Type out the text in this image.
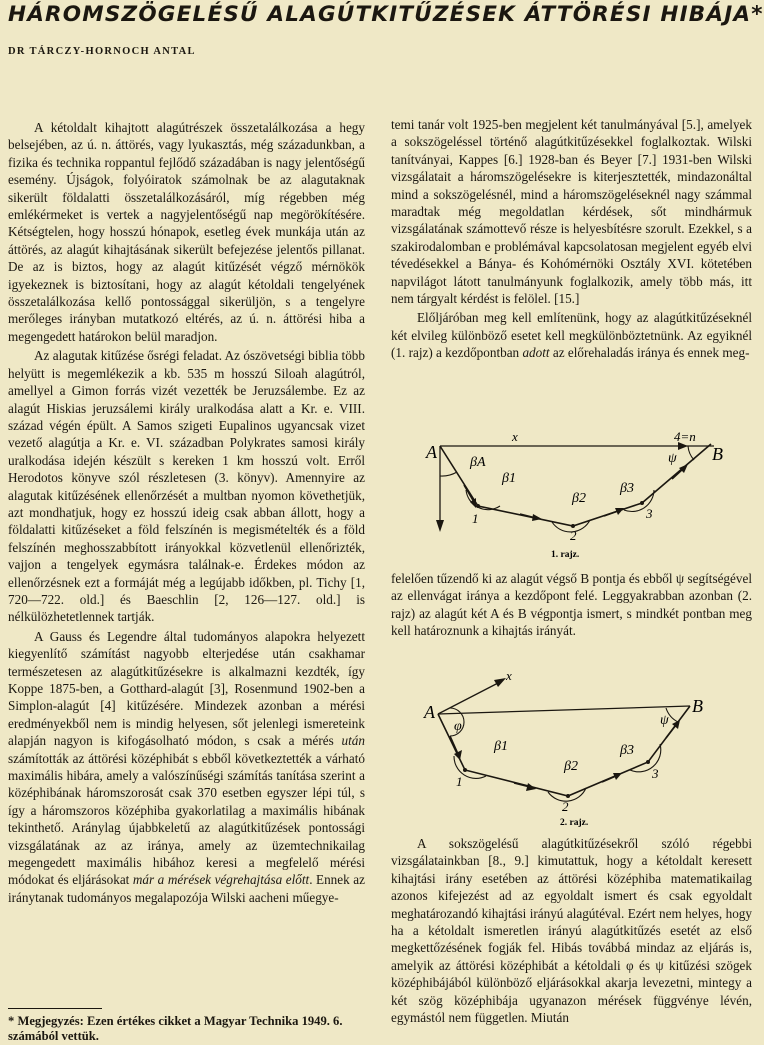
HÁROMSZÖGELÉSŰ ALAGÚTKITŰZÉSEK ÁTTÖRÉSI HIBÁJA*
DR TÁRCZY-HORNOCH ANTAL

A kétoldalt kihajtott alagútrészek összetalálkozása a hegy belsejében, az ú. n. áttörés, vagy lyukasztás, még századunkban, a fizika és technika roppantul fejlődő századában is nagy jelentőségű esemény. Újságok, folyóiratok számolnak be az alagutaknak sikerült földalatti összetalálkozásáról, míg régebben még emlékérmeket is vertek a nagyjelentőségű nap megörökítésére. Kétségtelen, hogy hosszú hónapok, esetleg évek munkája után az áttörés, az alagút kihajtásának sikerült befejezése jelentős pillanat. De az is biztos, hogy az alagút kitűzését végző mérnökök igyekeznek is biztosítani, hogy az alagút kétoldali tengelyének összetalálkozása kellő pontossággal sikerüljön, s a tengelyre merőleges irányban mutatkozó eltérés, az ú. n. áttörési hiba a megengedett határokon belül maradjon.

Az alagutak kitűzése ősrégi feladat. Az ószövetségi biblia több helyütt is megemlékezik a kb. 535 m hosszú Siloah alagútról, amellyel a Gimon forrás vizét vezették be Jeruzsálembe. Ez az alagút Hiskias jeruzsálemi király uralkodása alatt a Kr. e. VIII. század végén épült. A Samos szigeti Eupalinos ugyancsak vizet vezető alagútja a Kr. e. VI. században Polykrates samosi király uralkodása idején készült s kereken 1 km hosszú volt. Erről Herodotos könyve szól részletesen (3. könyv). Amennyire az alagutak kitűzésének ellenőrzését a multban nyomon követhetjük, azt mondhatjuk, hogy ez hosszú ideig csak abban állott, hogy a földalatti kitűzéseket a föld felszínén is megismételték és a föld felszínén meghosszabbított irányokkal közvetlenül ellenőrizték, vajjon a tengelyek egymásra találnak-e. Érdekes módon az ellenőrzésnek ezt a formáját még a legújabb időkben, pl. Tichy [1, 720—722. old.] és Baeschlin [2, 126—127. old.] is nélkülözhetetlennek tartják.

A Gauss és Legendre által tudományos alapokra helyezett kiegyenlítő számítást nagyobb elterjedése után csakhamar természetesen az alagútkitűzésekre is alkalmazni kezdték, így Koppe 1875-ben, a Gotthard-alagút [3], Rosenmund 1902-ben a Simplon-alagút [4] kitűzésére. Mindezek azonban a mérési eredményekből nem is mindig helyesen, sőt jelenlegi ismereteink alapján nagyon is kifogásolható módon, s csak a mérés után számították az áttörési középhibát s ebből következtették a várható maximális hibára, amely a valószínűségi számítás tanítása szerint a középhibának háromszorosát csak 370 esetben egyszer lépi túl, s így a háromszoros középhiba gyakorlatilag a maximális hibának tekinthető. Aránylag újabbkeletű az alagútkitűzések pontossági vizsgálatának az az iránya, amely az üzemtechnikailag megengedett maximális hibához keresi a megfelelő mérési módokat és eljárásokat már a mérések végrehajtása előtt. Ennek az iránytanak tudományos megalapozója Wilski aacheni műegye-

temi tanár volt 1925-ben megjelent két tanulmányával [5.], amelyek a sokszögeléssel történő alagútkitűzésekkel foglalkoztak. Wilski tanítványai, Kappes [6.] 1928-ban és Beyer [7.] 1931-ben Wilski vizsgálatait a háromszögelésekre is kiterjesztették, mindazonáltal mind a sokszögelésnél, mind a háromszögeléseknél nagy számmal maradtak még megoldatlan kérdések, sőt mindhármuk vizsgálatának számottevő része is helyesbítésre szorult. Ezekkel, s a szakirodalomban e problémával kapcsolatosan megjelent egyéb elvi tévedésekkel a Bánya- és Kohómérnöki Osztály XVI. kötetében napvilágot látott tanulmányunk foglalkozik, amely több más, itt nem tárgyalt kérdést is felölel. [15.]

Előljáróban meg kell említenünk, hogy az alagútkitűzéseknél két elvileg különböző esetet kell megkülönböztetnünk. Az egyiknél (1. rajz) a kezdőpontban adott az előrehaladás iránya és ennek meg-

A	B
4=n
x
βA
β1
β2
β3
ψ
1
2
3
1. rajz.

felelően tűzendő ki az alagút végső B pontja és ebből ψ segítségével az ellenvágat iránya a kezdőpont felé. Leggyakrabban azonban (2. rajz) az alagút két A és B végpontja ismert, s mindkét pontban meg kell határoznunk a kihajtás irányát.

A	B
x
φ	ψ
β1
β2
β3
1
2
3
2. rajz.

A sokszögelésű alagútkitűzésekről szóló régebbi vizsgálatainkban [8., 9.] kimutattuk, hogy a kétoldalt keresett kihajtási irány esetében az áttörési középhiba matematikailag azonos kifejezést ad az egyoldalt ismert és csak egyoldalt meghatározandó kihajtási irányú alagútéval. Ezért nem helyes, hogy ha a kétoldalt ismeretlen irányú alagútkitűzés esetét az első megkettőzésének fogják fel. Hibás továbbá mindaz az eljárás is, amelyik az áttörési középhibát a kétoldali φ és ψ kitűzési szögek középhibájából különböző eljárásokkal akarja levezetni, mintegy a két szög középhibája ugyanazon mérések függvénye lévén, egymástól nem független. Miután

* Megjegyzés: Ezen értékes cikket a Magyar Technika 1949. 6. számából vettük.
